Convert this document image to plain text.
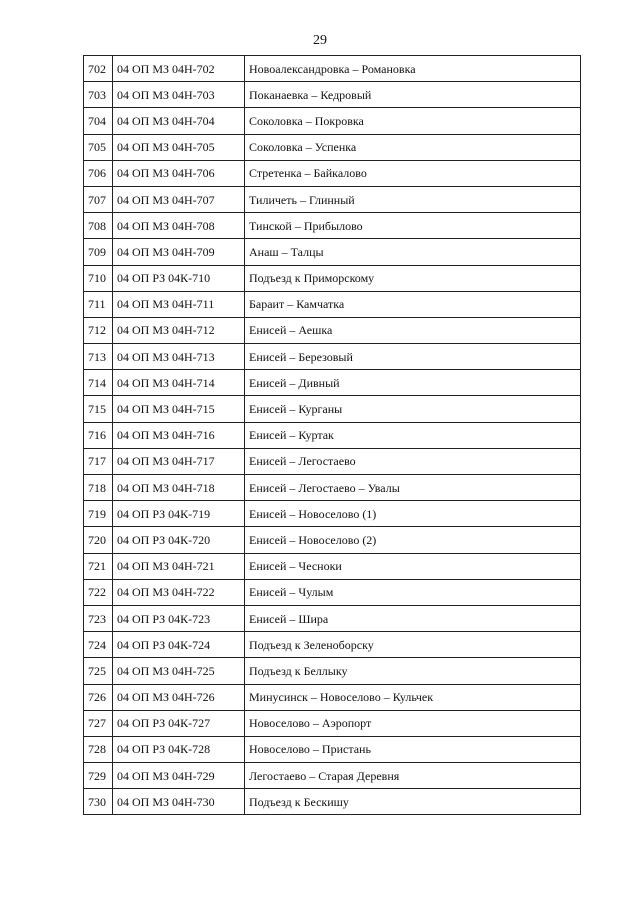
29
702	04 ОП МЗ 04Н-702	Новоалександровка – Романовка
703	04 ОП МЗ 04Н-703	Поканаевка – Кедровый
704	04 ОП МЗ 04Н-704	Соколовка – Покровка
705	04 ОП МЗ 04Н-705	Соколовка – Успенка
706	04 ОП МЗ 04Н-706	Стретенка – Байкалово
707	04 ОП МЗ 04Н-707	Тиличеть – Глинный
708	04 ОП МЗ 04Н-708	Тинской – Прибылово
709	04 ОП МЗ 04Н-709	Анаш – Талцы
710	04 ОП РЗ 04К-710	Подъезд к Приморскому
711	04 ОП МЗ 04Н-711	Бараит – Камчатка
712	04 ОП МЗ 04Н-712	Енисей – Аешка
713	04 ОП МЗ 04Н-713	Енисей – Березовый
714	04 ОП МЗ 04Н-714	Енисей – Дивный
715	04 ОП МЗ 04Н-715	Енисей – Курганы
716	04 ОП МЗ 04Н-716	Енисей – Куртак
717	04 ОП МЗ 04Н-717	Енисей – Легостаево
718	04 ОП МЗ 04Н-718	Енисей – Легостаево – Увалы
719	04 ОП РЗ 04К-719	Енисей – Новоселово (1)
720	04 ОП РЗ 04К-720	Енисей – Новоселово (2)
721	04 ОП МЗ 04Н-721	Енисей – Чесноки
722	04 ОП МЗ 04Н-722	Енисей – Чулым
723	04 ОП РЗ 04К-723	Енисей – Шира
724	04 ОП РЗ 04К-724	Подъезд к Зеленоборску
725	04 ОП МЗ 04Н-725	Подъезд к Беллыку
726	04 ОП МЗ 04Н-726	Минусинск – Новоселово – Кульчек
727	04 ОП РЗ 04К-727	Новоселово – Аэропорт
728	04 ОП РЗ 04К-728	Новоселово – Пристань
729	04 ОП МЗ 04Н-729	Легостаево – Старая Деревня
730	04 ОП МЗ 04Н-730	Подъезд к Бескишу
